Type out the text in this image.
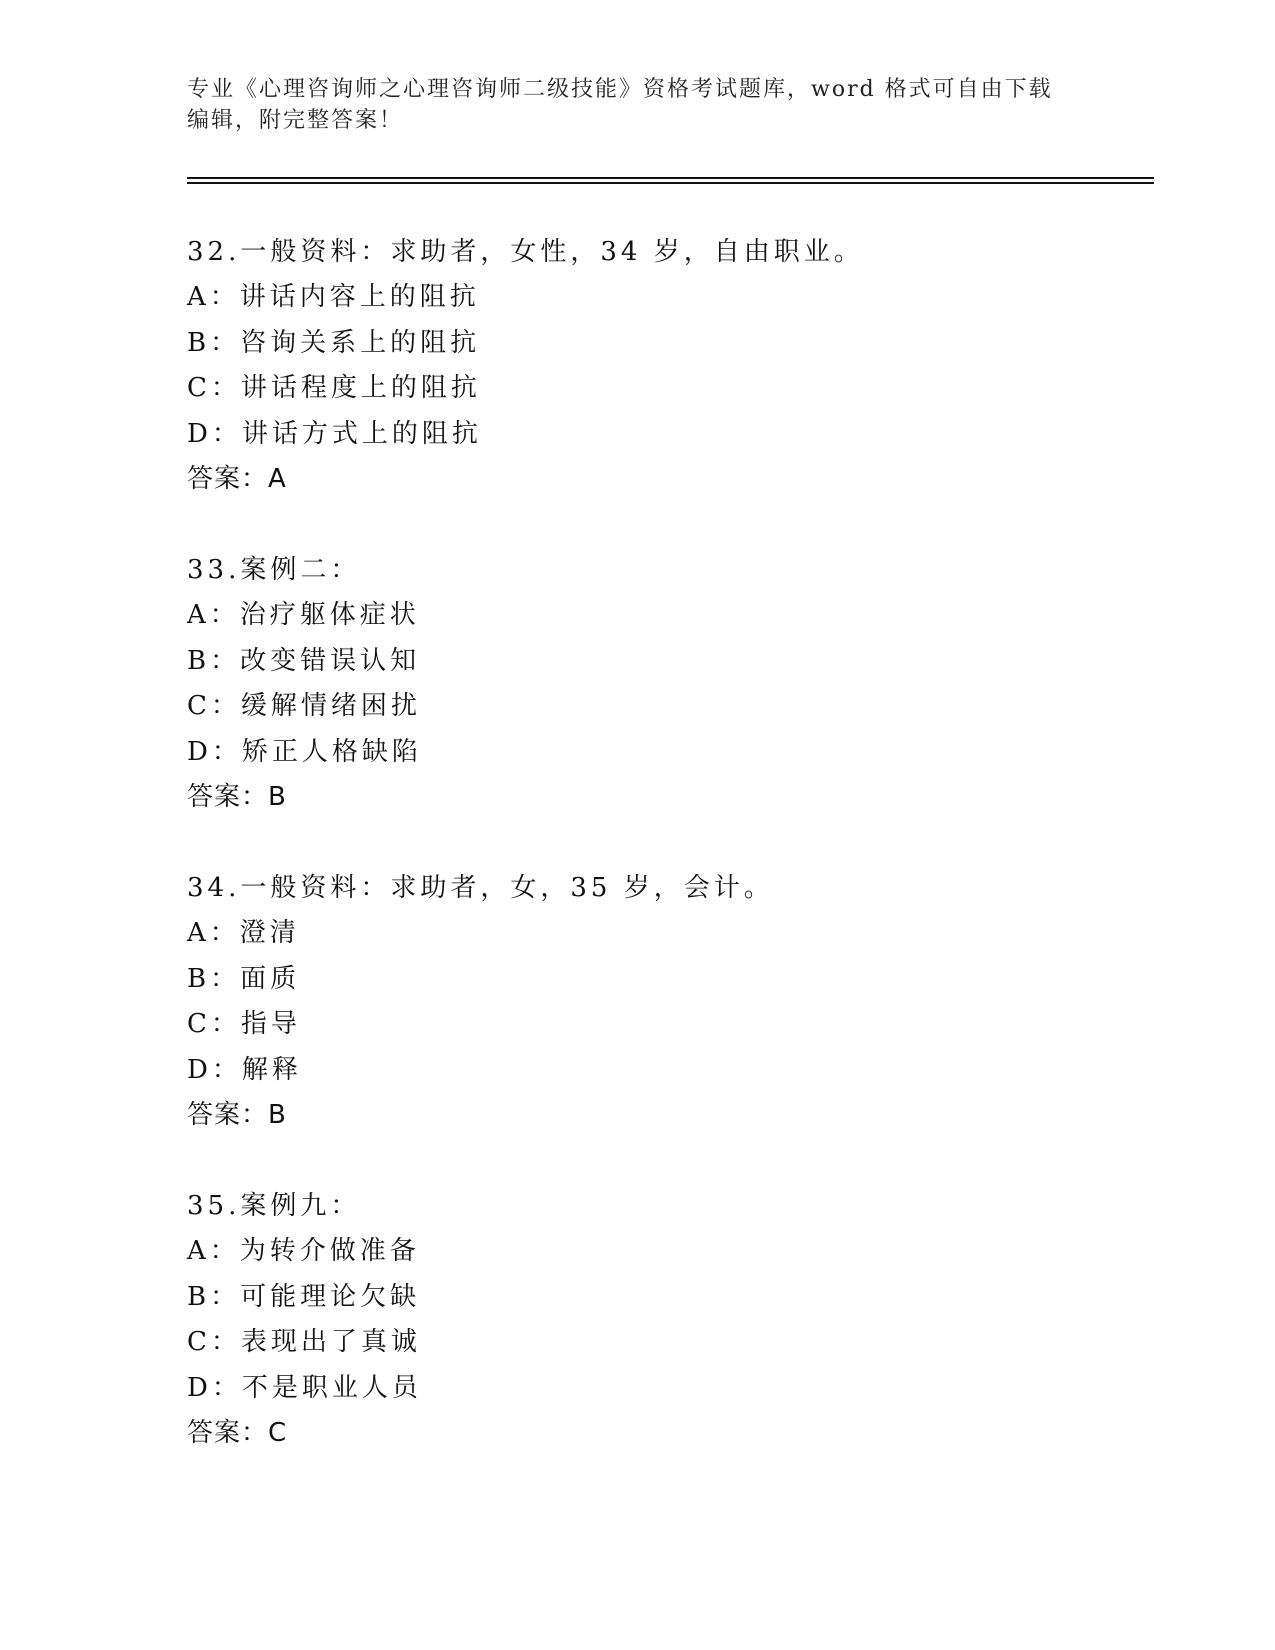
专业《心理咨询师之心理咨询师二级技能》资格考试题库，word 格式可自由下载
编辑，附完整答案！
32.一般资料：求助者，女性，34 岁，自由职业。
A：讲话内容上的阻抗
B：咨询关系上的阻抗
C：讲话程度上的阻抗
D：讲话方式上的阻抗
答案：A
33.案例二：
A：治疗躯体症状
B：改变错误认知
C：缓解情绪困扰
D：矫正人格缺陷
答案：B
34.一般资料：求助者，女，35 岁，会计。
A：澄清
B：面质
C：指导
D：解释
答案：B
35.案例九：
A：为转介做准备
B：可能理论欠缺
C：表现出了真诚
D：不是职业人员
答案：C
